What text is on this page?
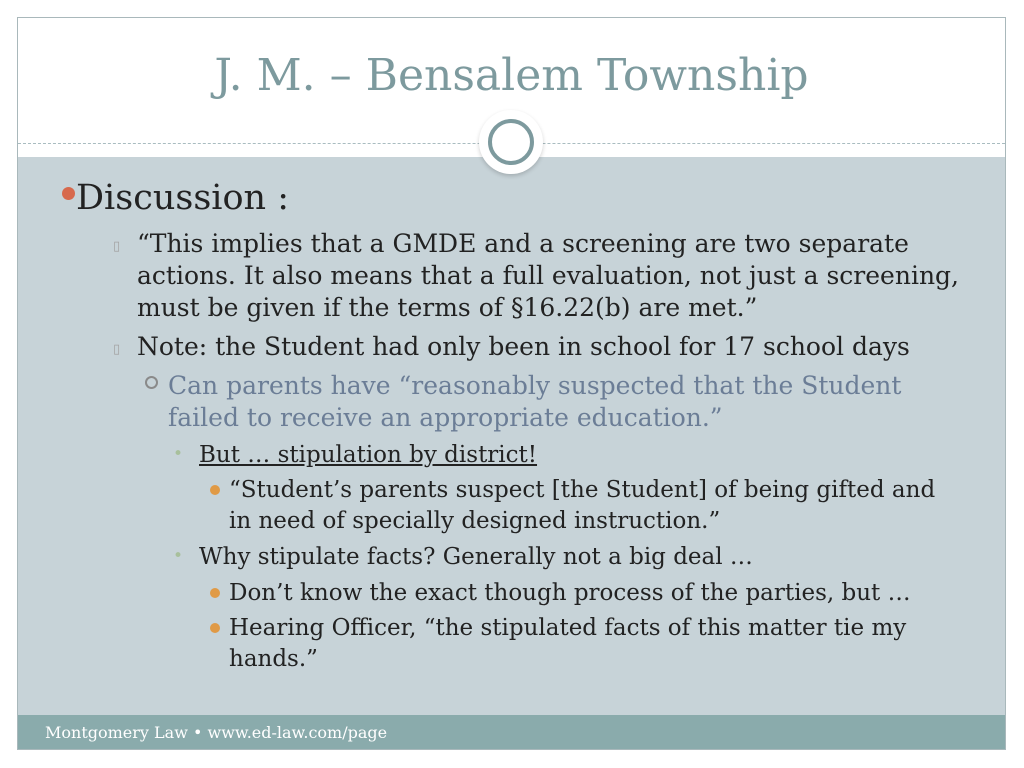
J. M. – Bensalem Township
Discussion :
▯ “This implies that a GMDE and a screening are two separate actions. It also means that a full evaluation, not just a screening, must be given if the terms of §16.22(b) are met.”
▯ Note: the Student had only been in school for 17 school days
Can parents have “reasonably suspected that the Student failed to receive an appropriate education.”
• But … stipulation by district!
“Student’s parents suspect [the Student] of being gifted and in need of specially designed instruction.”
• Why stipulate facts? Generally not a big deal …
Don’t know the exact though process of the parties, but …
Hearing Officer, “the stipulated facts of this matter tie my hands.”
Montgomery Law • www.ed-law.com/page
